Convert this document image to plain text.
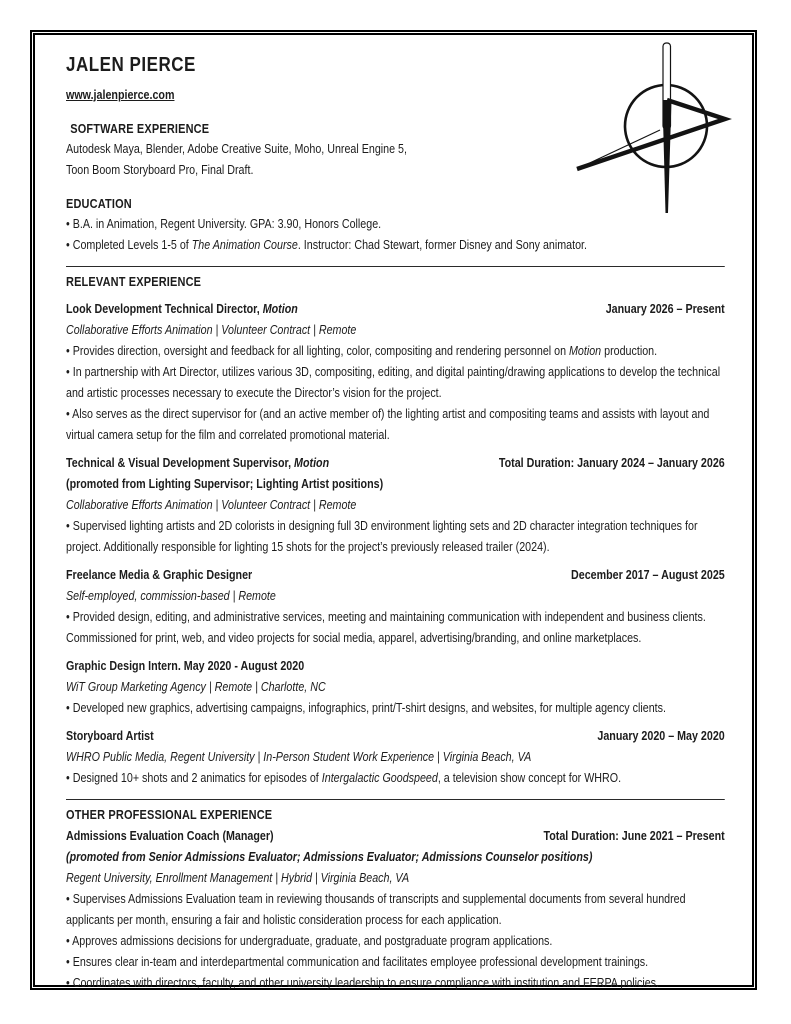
JALEN PIERCE

www.jalenpierce.com
SOFTWARE EXPERIENCE

Autodesk Maya, Blender, Adobe Creative Suite, Moho, Unreal Engine 5,

Toon Boom Storyboard Pro, Final Draft.

EDUCATION

• B.A. in Animation, Regent University. GPA: 3.90, Honors College.

• Completed Levels 1-5 of The Animation Course. Instructor: Chad Stewart, former Disney and Sony animator.

RELEVANT EXPERIENCE
Look Development Technical Director, Motion	January 2026 – Present

Collaborative Efforts Animation | Volunteer Contract | Remote

• Provides direction, oversight and feedback for all lighting, color, compositing and rendering personnel on Motion production.

• In partnership with Art Director, utilizes various 3D, compositing, editing, and digital painting/drawing applications to develop the technical and artistic processes necessary to execute the Director’s vision for the project.

• Also serves as the direct supervisor for (and an active member of) the lighting artist and compositing teams and assists with layout and virtual camera setup for the film and correlated promotional material.

Technical & Visual Development Supervisor, Motion	Total Duration: January 2024 – January 2026

(promoted from Lighting Supervisor; Lighting Artist positions)

Collaborative Efforts Animation | Volunteer Contract | Remote

• Supervised lighting artists and 2D colorists in designing full 3D environment lighting sets and 2D character integration techniques for project. Additionally responsible for lighting 15 shots for the project’s previously released trailer (2024).

Freelance Media & Graphic Designer	December 2017 – August 2025

Self-employed, commission-based | Remote

• Provided design, editing, and administrative services, meeting and maintaining communication with independent and business clients. Commissioned for print, web, and video projects for social media, apparel, advertising/branding, and online marketplaces.

Graphic Design Intern. May 2020 - August 2020

WiT Group Marketing Agency | Remote | Charlotte, NC

• Developed new graphics, advertising campaigns, infographics, print/T-shirt designs, and websites, for multiple agency clients.

Storyboard Artist	January 2020 – May 2020

WHRO Public Media, Regent University | In-Person Student Work Experience | Virginia Beach, VA

• Designed 10+ shots and 2 animatics for episodes of Intergalactic Goodspeed, a television show concept for WHRO.

OTHER PROFESSIONAL EXPERIENCE
Admissions Evaluation Coach (Manager)	Total Duration: June 2021 – Present

(promoted from Senior Admissions Evaluator; Admissions Evaluator; Admissions Counselor positions)

Regent University, Enrollment Management | Hybrid | Virginia Beach, VA

• Supervises Admissions Evaluation team in reviewing thousands of transcripts and supplemental documents from several hundred applicants per month, ensuring a fair and holistic consideration process for each application.

• Approves admissions decisions for undergraduate, graduate, and postgraduate program applications.

• Ensures clear in-team and interdepartmental communication and facilitates employee professional development trainings.

• Coordinates with directors, faculty, and other university leadership to ensure compliance with institution and FERPA policies.
